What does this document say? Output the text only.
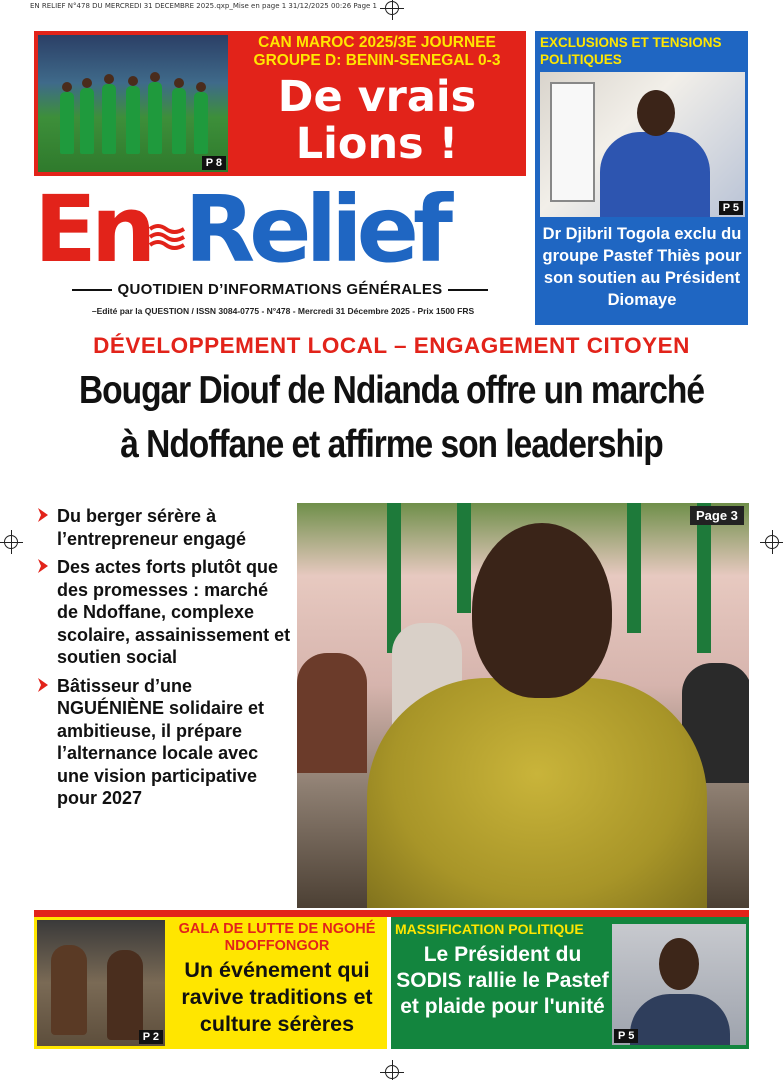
EN RELIEF N°478 DU MERCREDI 31 DECEMBRE 2025.qxp_Mise en page 1 31/12/2025 00:26 Page 1
P 8
CAN MAROC 2025/3E JOURNEE GROUPE D: BENIN-SENEGAL 0-3
De vrais Lions !
EXCLUSIONS ET TENSIONS POLITIQUES
P 5
Dr Djibril Togola exclu du groupe Pastef Thiès pour son soutien au Président Diomaye
En Relief
QUOTIDIEN D’INFORMATIONS GÉNÉRALES
–Edité par la QUESTION / ISSN 3084-0775 - N°478 - Mercredi 31 Décembre 2025 - Prix 1500 FRS
DÉVELOPPEMENT LOCAL – ENGAGEMENT CITOYEN
Bougar Diouf de Ndianda offre un marché
à Ndoffane et affirme son leadership
Du berger sérère à l’entrepreneur engagé
Des actes forts plutôt que des promesses : marché de Ndoffane, complexe scolaire, assainissement et soutien social
Bâtisseur d’une NGUÉNIÈNE solidaire et ambitieuse, il prépare l’alternance locale avec une vision participative pour 2027
Page 3
P 2
GALA DE LUTTE DE NGOHÉ NDOFFONGOR
Un événement qui ravive traditions et culture sérères
MASSIFICATION POLITIQUE
Le Président du SODIS rallie le Pastef et plaide pour l'unité
P 5
